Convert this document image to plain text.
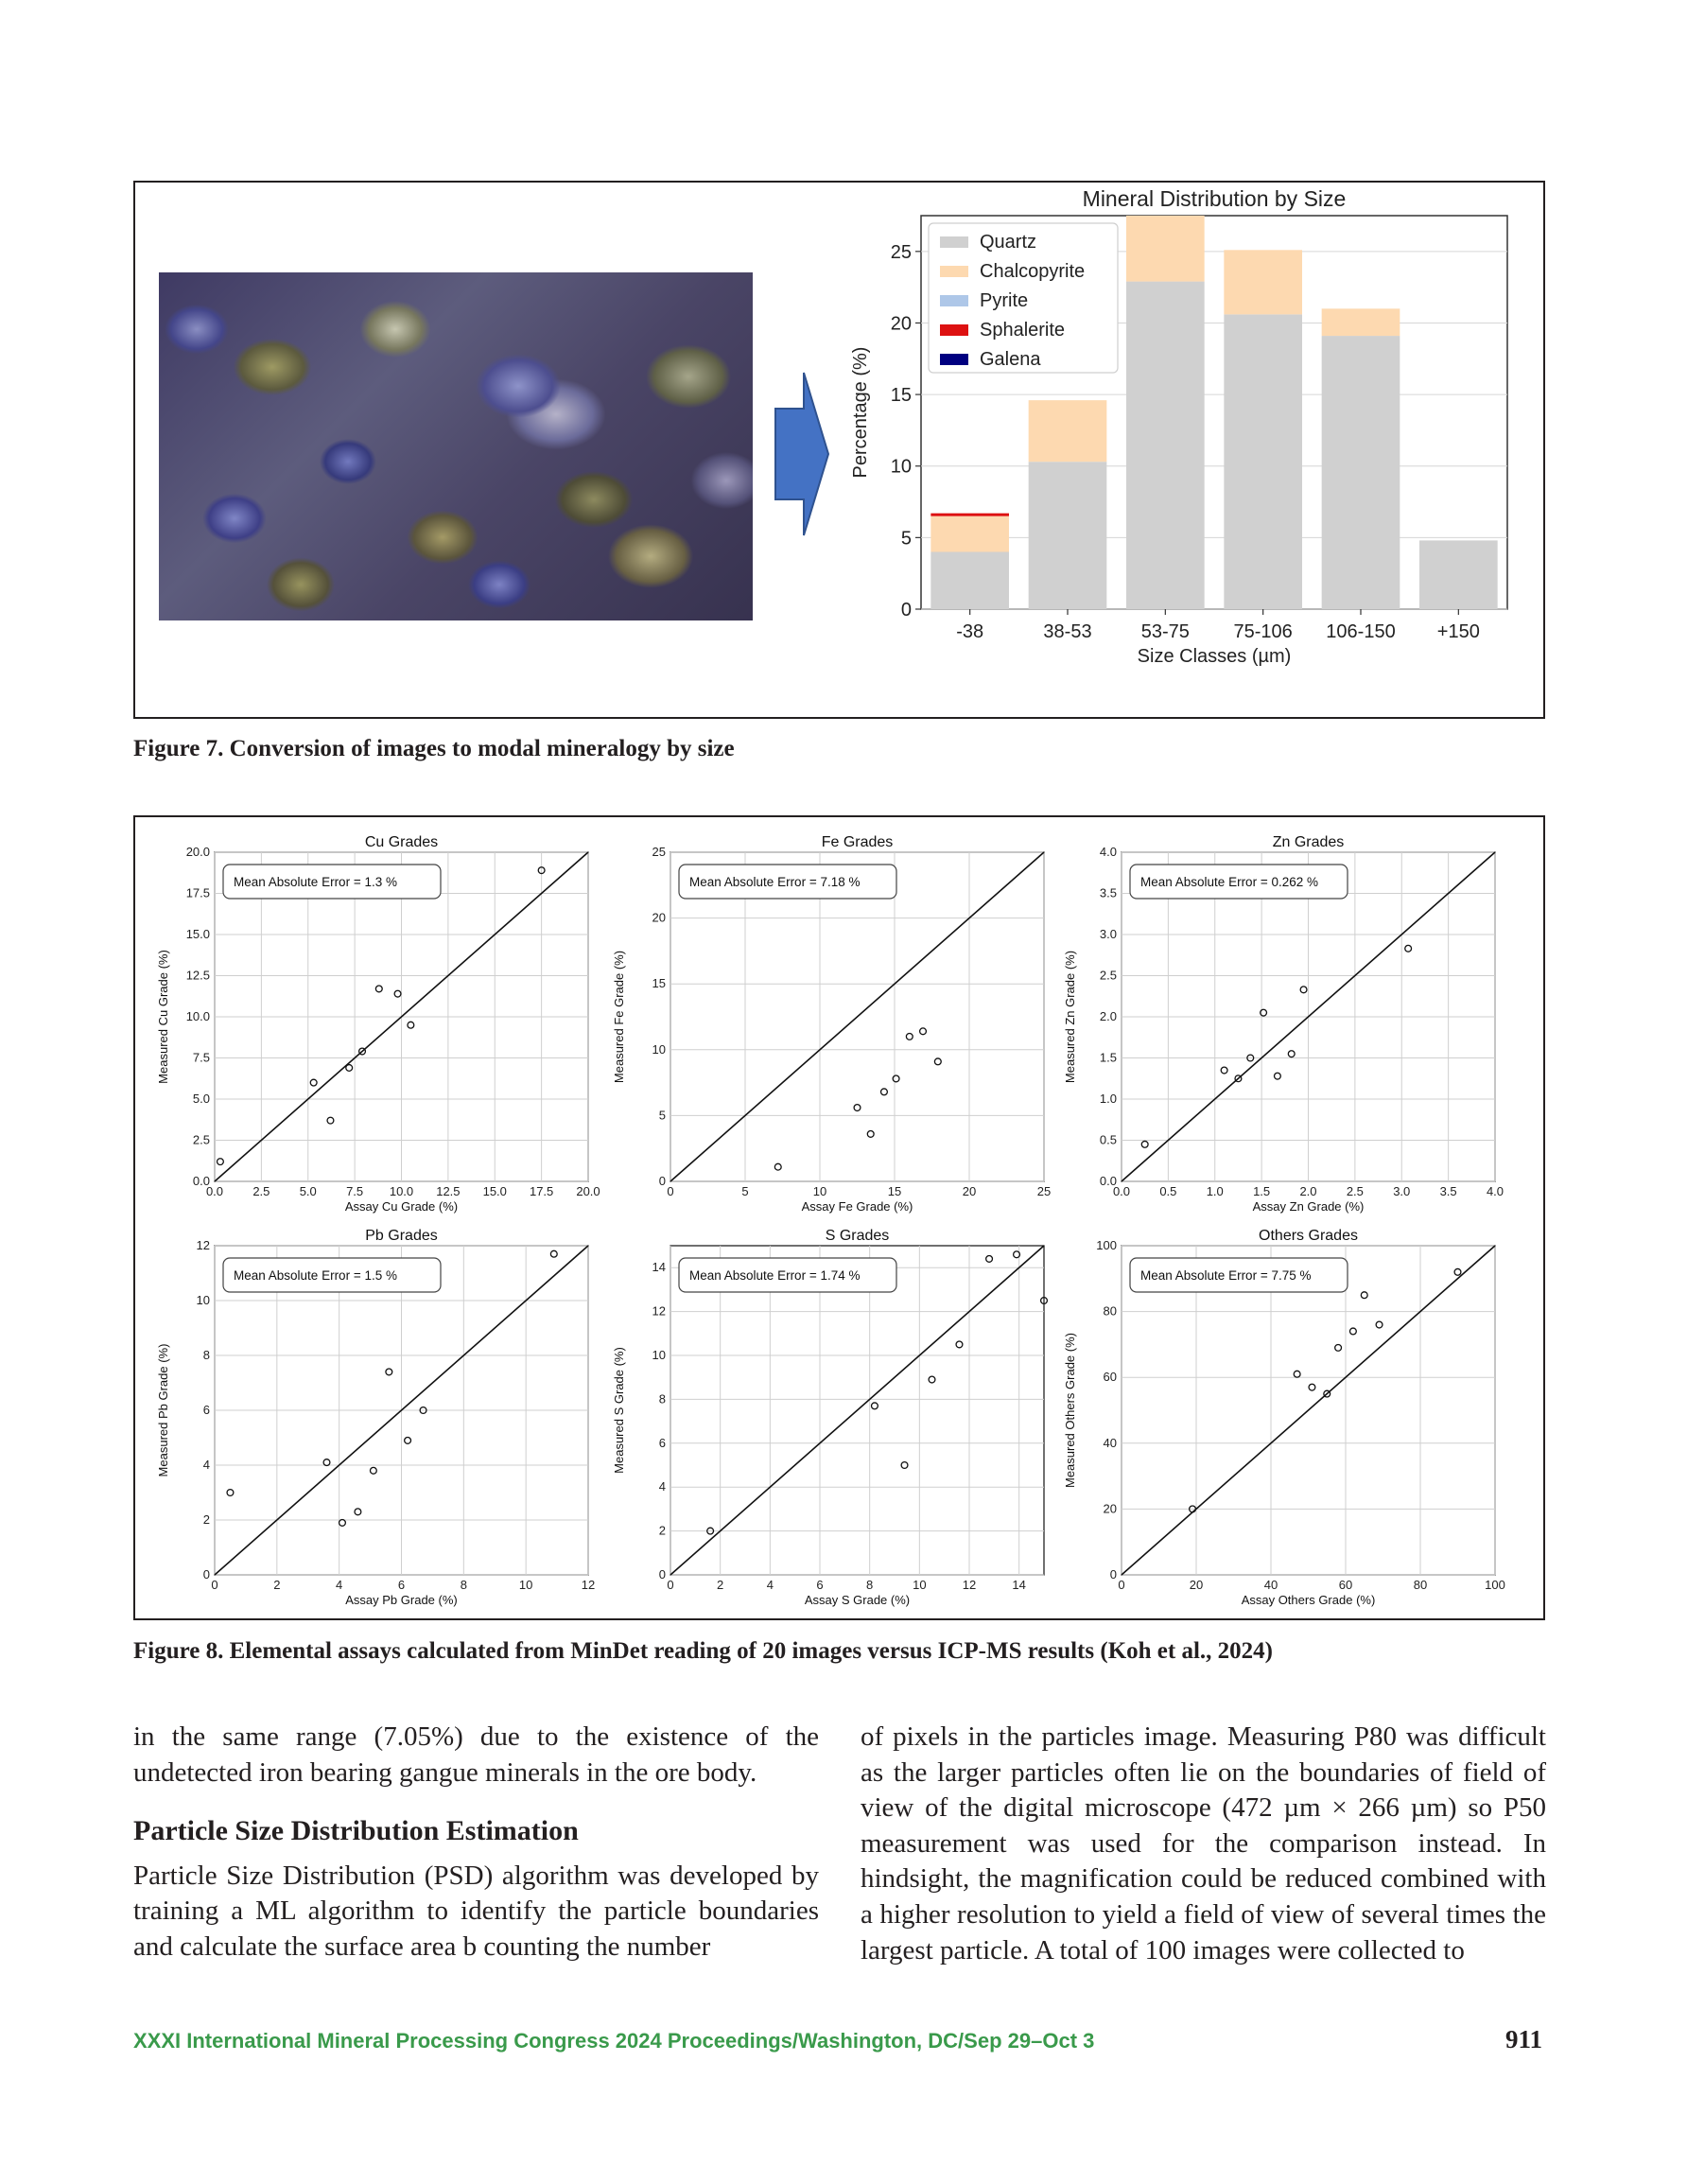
0
5
10
15
20
25
-38	38-53	53-75 75-106 106-150 +150
Mineral Distribution by Size
Size Classes (µm)
Percentage (%)
Quartz
Chalcopyrite
Pyrite
Sphalerite
Galena
Figure 7. Conversion of images to modal mineralogy by size
0.0
0.0
2.5
2.5
5.0
5.0
7.5
7.5
10.0
10.0
12.5
12.5
15.0
15.0
17.5
17.5
20.0
20.0
Mean Absolute Error = 1.3 %
Cu Grades
Assay Cu Grade (%)
Measured Cu Grade (%)
0
0
5
5
10
10
15
15
20
20
25
25
Mean Absolute Error = 7.18 %
Fe Grades
Assay Fe Grade (%)
Measured Fe Grade (%)
0.0
0.0
0.5
0.5
1.0
1.0
1.5
1.5
2.0
2.0
2.5
2.5
3.0
3.0
3.5
3.5
4.0
4.0
Mean Absolute Error = 0.262 %
Zn Grades
Assay Zn Grade (%)
Measured Zn Grade (%)
0
0
2
2
4
4
6
6
8
8
10
10
12
12
Mean Absolute Error = 1.5 %
Pb Grades
Assay Pb Grade (%)
Measured Pb Grade (%)
0
0
2
2
4
4
6
6
8
8
10
10
12
12
14
14
Mean Absolute Error = 1.74 %
S Grades
Assay S Grade (%)
Measured S Grade (%)
0
0
20
20
40
40
60
60
80
80
100
100
Mean Absolute Error = 7.75 %
Others Grades
Assay Others Grade (%)
Measured Others Grade (%)
Figure 8. Elemental assays calculated from MinDet reading of 20 images versus ICP-MS results (Koh et al., 2024)

in the same range (7.05%) due to the existence of the undetected iron bearing gangue minerals in the ore body.

Particle Size Distribution Estimation

Particle Size Distribution (PSD) algorithm was developed by training a ML algorithm to identify the particle boundaries and calculate the surface area b counting the number

of pixels in the particles image. Measuring P80 was difficult as the larger particles often lie on the boundaries of field of view of the digital microscope (472 µm × 266 µm) so P50 measurement was used for the comparison instead. In hindsight, the magnification could be reduced combined with a higher resolution to yield a field of view of several times the largest particle. A total of 100 images were collected to

XXXI International Mineral Processing Congress 2024 Proceedings/Washington, DC/Sep 29–Oct 3	911
